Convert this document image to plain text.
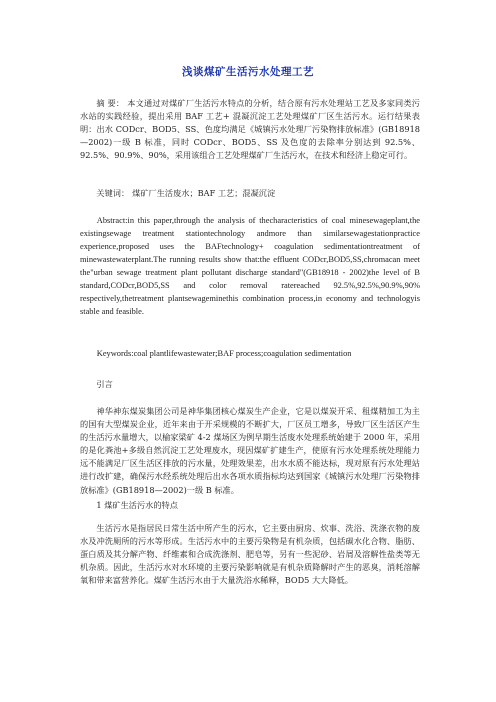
浅谈煤矿生活污水处理工艺
摘 要： 本文通过对煤矿厂生活污水特点的分析，结合原有污水处理站工艺及多家同类污水站的实践经验，提出采用 BAF 工艺+ 混凝沉淀工艺处理煤矿厂区生活污水。运行结果表明：出水 CODcr、BOD5、SS、色度均满足《城镇污水处理厂污染物排放标准》(GB18918—2002)一级 B 标准，同时 CODcr、BOD5、SS 及色度的去除率分别达到 92.5%、92.5%、90.9%、90%，采用该组合工艺处理煤矿厂生活污水，在技术和经济上稳定可行。
关键词： 煤矿厂生活废水；BAF 工艺；混凝沉淀
Abstract:in this paper,through the analysis of thecharacteristics of coal minesewageplant,the existingsewage treatment stationtechnology andmore than similarsewagestationpractice experience,proposed uses the BAFtechnology+ coagulation sedimentationtreatment of minewastewaterplant.The running results show that:the effluent CODcr,BOD5,SS,chromacan meet the"urban sewage treatment plant pollutant discharge standard"(GB18918 - 2002)the level of B standard,CODcr,BOD5,SS and color removal ratereached 92.5%,92.5%,90.9%,90% respectively,thetreatment plantsewageminethis combination process,in economy and technologyis stable and feasible.
Keywords:coal plantlifewastewater;BAF process;coagulation sedimentation
引言
神华神东煤炭集团公司是神华集团核心煤炭生产企业，它是以煤炭开采、租煤精加工为主的国有大型煤炭企业，近年来由于开采规模的不断扩大，厂区员工增多，导致厂区生活区产生的生活污水量增大，以榆家梁矿 4-2 煤场区为例早期生活废水处理系统始建于 2000 年，采用的是化粪池+多级自然沉淀工艺处理废水，现因煤矿扩建生产，使原有污水处理系统处理能力远不能满足厂区生活区排放的污水量，处理效果差，出水水质不能达标，现对原有污水处理站进行改扩建，确保污水经系统处理后出水各项水质指标均达到国家《城镇污水处理厂污染物排放标准》(GB18918—2002)一级 B 标准。
1 煤矿生活污水的特点
生活污水是指居民日常生活中所产生的污水，它主要由厨房、炊事、洗浴、洗涤衣物的废水及冲洗厕所的污水等形成。生活污水中的主要污染物是有机杂质，包括碳水化合物、脂肪、蛋白质及其分解产物、纤维素和合成洗涤剂、肥皂等，另有一些泥砂、岩屑及溶解性盐类等无机杂质。因此，生活污水对水环境的主要污染影响就是有机杂质降解时产生的恶臭，消耗溶解氧和带来富营养化。煤矿生活污水由于大量洗浴水稀释，BOD5 大大降低。
